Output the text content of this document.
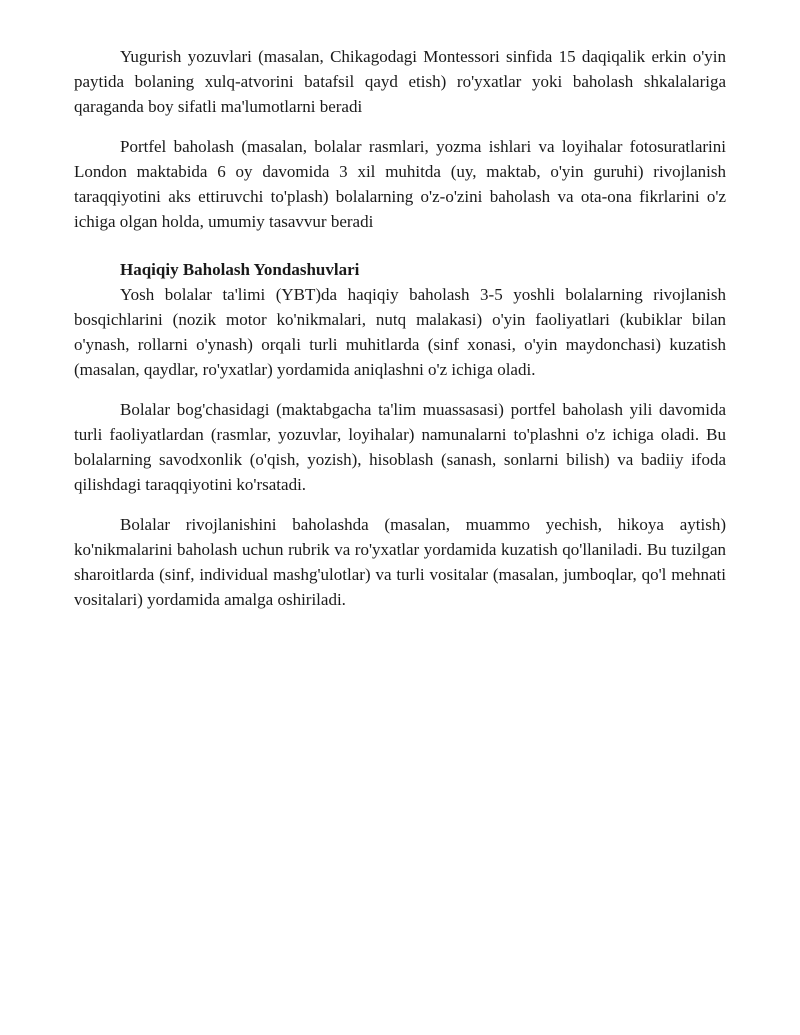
Yugurish yozuvlari (masalan, Chikagodagi Montessori sinfida 15 daqiqalik erkin o'yin paytida bolaning xulq-atvorini batafsil qayd etish) ro'yxatlar yoki baholash shkalalariga qaraganda boy sifatli ma'lumotlarni beradi

Portfel baholash (masalan, bolalar rasmlari, yozma ishlari va loyihalar fotosuratlarini London maktabida 6 oy davomida 3 xil muhitda (uy, maktab, o'yin guruhi) rivojlanish taraqqiyotini aks ettiruvchi to'plash) bolalarning o'z-o'zini baholash va ota-ona fikrlarini o'z ichiga olgan holda, umumiy tasavvur beradi

Haqiqiy Baholash Yondashuvlari

Yosh bolalar ta'limi (YBT)da haqiqiy baholash 3-5 yoshli bolalarning rivojlanish bosqichlarini (nozik motor ko'nikmalari, nutq malakasi) o'yin faoliyatlari (kubiklar bilan o'ynash, rollarni o'ynash) orqali turli muhitlarda (sinf xonasi, o'yin maydonchasi) kuzatish (masalan, qaydlar, ro'yxatlar) yordamida aniqlashni o'z ichiga oladi.

Bolalar bog'chasidagi (maktabgacha ta'lim muassasasi) portfel baholash yili davomida turli faoliyatlardan (rasmlar, yozuvlar, loyihalar) namunalarni to'plashni o'z ichiga oladi. Bu bolalarning savodxonlik (o'qish, yozish), hisoblash (sanash, sonlarni bilish) va badiiy ifoda qilishdagi taraqqiyotini ko'rsatadi.

Bolalar rivojlanishini baholashda (masalan, muammo yechish, hikoya aytish) ko'nikmalarini baholash uchun rubrik va ro'yxatlar yordamida kuzatish qo'llaniladi. Bu tuzilgan sharoitlarda (sinf, individual mashg'ulotlar) va turli vositalar (masalan, jumboqlar, qo'l mehnati vositalari) yordamida amalga oshiriladi.
